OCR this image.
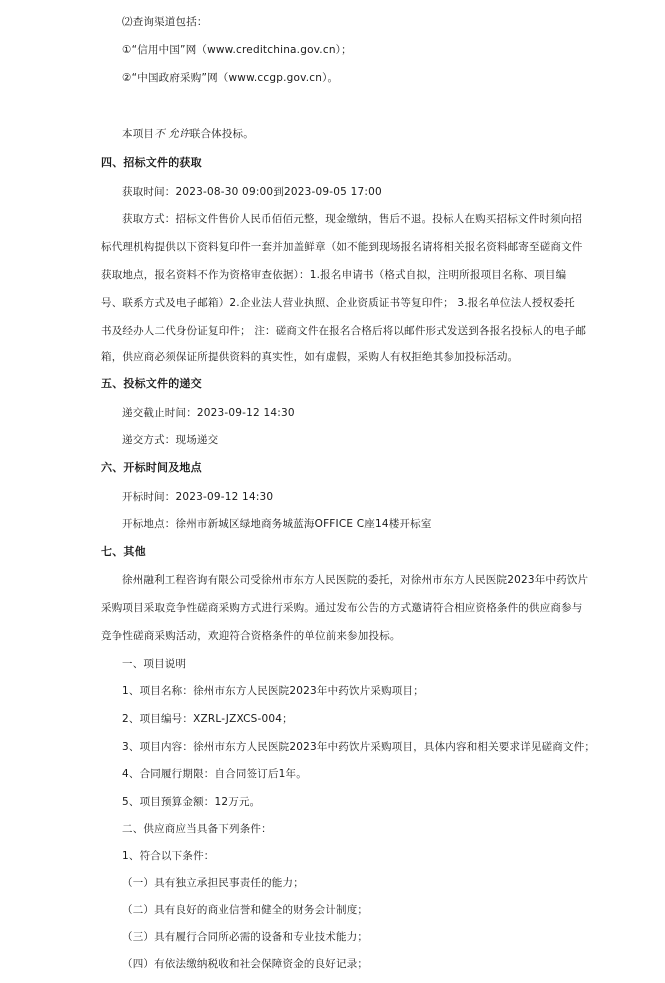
⑵查询渠道包括：
①“信用中国”网（www.creditchina.gov.cn）；
②“中国政府采购”网（www.ccgp.gov.cn）。
本项目不 允许联合体投标。
四、招标文件的获取
获取时间：2023-08-30 09:00到2023-09-05 17:00
获取方式：招标文件售价人民币佰佰元整，现金缴纳，售后不退。投标人在购买招标文件时须向招
标代理机构提供以下资料复印件一套并加盖鲜章（如不能到现场报名请将相关报名资料邮寄至磋商文件
获取地点，报名资料不作为资格审查依据）：1.报名申请书（格式自拟，注明所报项目名称、项目编
号、联系方式及电子邮箱）2.企业法人营业执照、企业资质证书等复印件； 3.报名单位法人授权委托
书及经办人二代身份证复印件； 注：磋商文件在报名合格后将以邮件形式发送到各报名投标人的电子邮
箱，供应商必须保证所提供资料的真实性，如有虚假，采购人有权拒绝其参加投标活动。
五、投标文件的递交
递交截止时间：2023-09-12 14:30
递交方式：现场递交
六、开标时间及地点
开标时间：2023-09-12 14:30
开标地点：徐州市新城区绿地商务城蓝海OFFICE C座14楼开标室
七、其他
徐州融利工程咨询有限公司受徐州市东方人民医院的委托，对徐州市东方人民医院2023年中药饮片
采购项目采取竞争性磋商采购方式进行采购。通过发布公告的方式邀请符合相应资格条件的供应商参与
竞争性磋商采购活动，欢迎符合资格条件的单位前来参加投标。
一、项目说明
1、项目名称：徐州市东方人民医院2023年中药饮片采购项目；
2、项目编号：XZRL-JZXCS-004；
3、项目内容：徐州市东方人民医院2023年中药饮片采购项目，具体内容和相关要求详见磋商文件；
4、合同履行期限：自合同签订后1年。
5、项目预算金额：12万元。
二、供应商应当具备下列条件：
1、符合以下条件：
（一）具有独立承担民事责任的能力；
（二）具有良好的商业信誉和健全的财务会计制度；
（三）具有履行合同所必需的设备和专业技术能力；
（四）有依法缴纳税收和社会保障资金的良好记录；
